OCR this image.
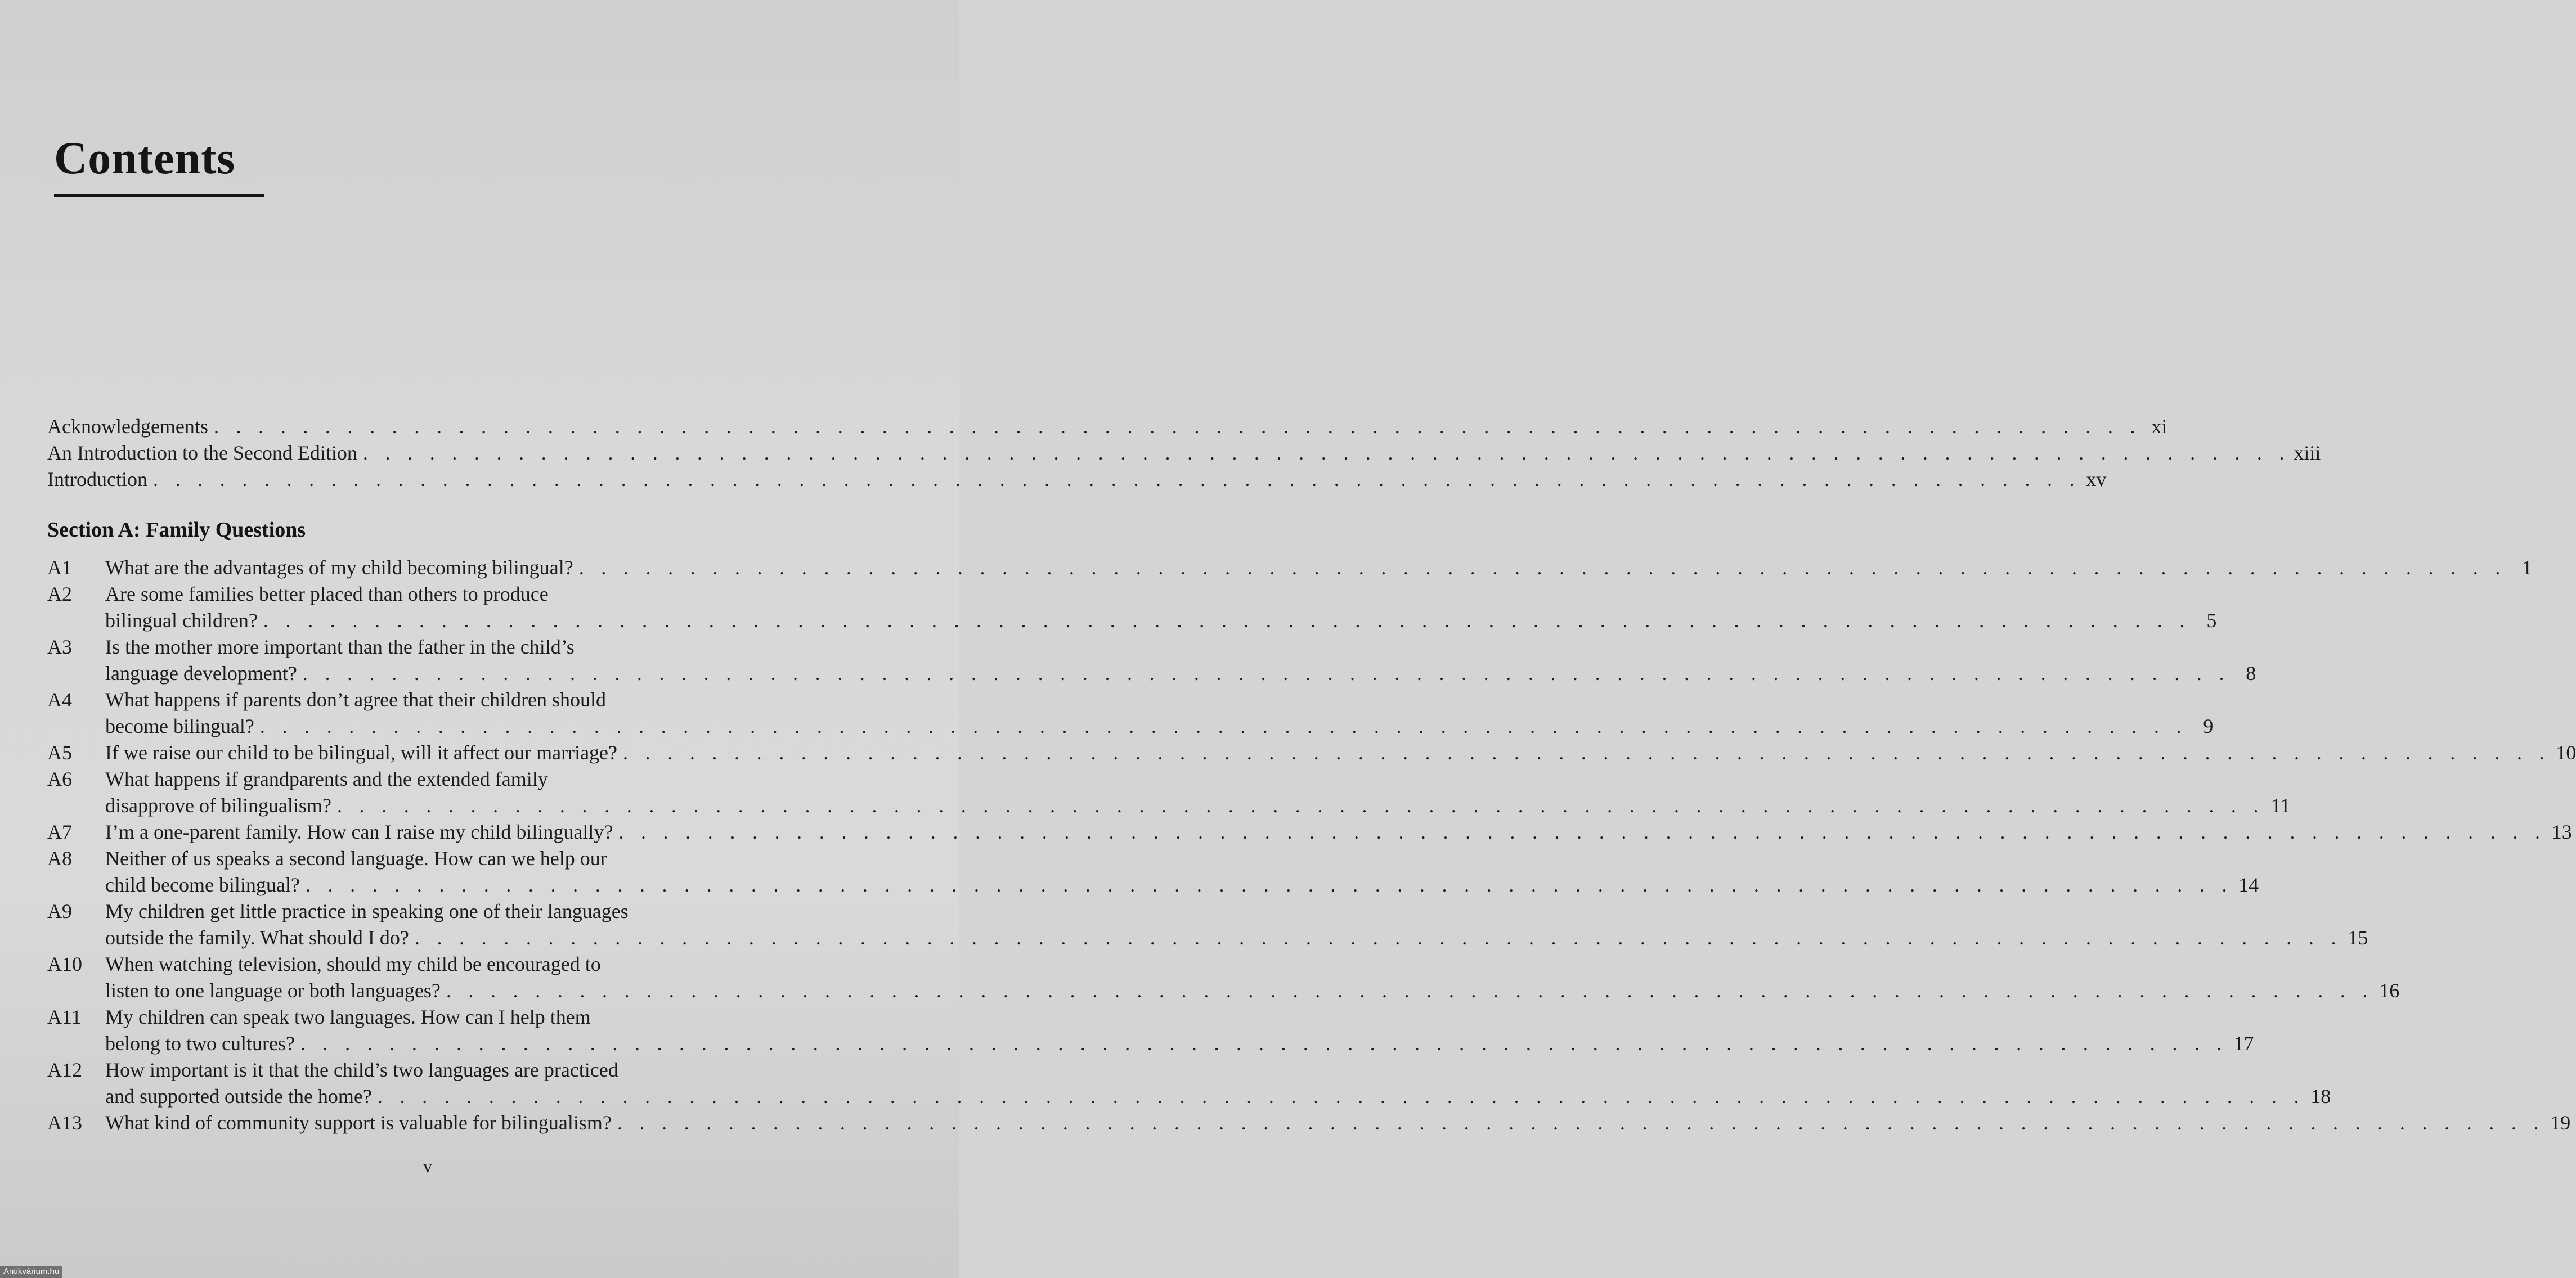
Contents
Acknowledgements . . . . . . . . . . . . . . . . . . . . . . . . . . . . . . . . . . . . . . . . . . . . . . . . . . . . . . . . . . . . . . . . . . . . . . . . . . . . . . . . . . . . . . . xi
An Introduction to the Second Edition . . . . . . . . . . . . . . . . . . . . . . . . . . . . . . . . . . . . . . . . . . . . . . . . . . . . . . . . . . . . . . . . . . . . . . . . . . . . . . . . . . . . . . . xiii
Introduction . . . . . . . . . . . . . . . . . . . . . . . . . . . . . . . . . . . . . . . . . . . . . . . . . . . . . . . . . . . . . . . . . . . . . . . . . . . . . . . . . . . . . . . xv
Section A: Family Questions
A1	What are the advantages of my child becoming bilingual? . . . . . . . . . . . . . . . . . . . . . . . . . . . . . . . . . . . . . . . . . . . . . . . . . . . . . . . . . . . . . . . . . . . . . . . . . . . . . . . . . . . . . . . 1
A2	Are some families better placed than others to produce
bilingual children? . . . . . . . . . . . . . . . . . . . . . . . . . . . . . . . . . . . . . . . . . . . . . . . . . . . . . . . . . . . . . . . . . . . . . . . . . . . . . . . . . . . . . . . 5
A3	Is the mother more important than the father in the child’s
language development? . . . . . . . . . . . . . . . . . . . . . . . . . . . . . . . . . . . . . . . . . . . . . . . . . . . . . . . . . . . . . . . . . . . . . . . . . . . . . . . . . . . . . . . 8
A4	What happens if parents don’t agree that their children should
become bilingual? . . . . . . . . . . . . . . . . . . . . . . . . . . . . . . . . . . . . . . . . . . . . . . . . . . . . . . . . . . . . . . . . . . . . . . . . . . . . . . . . . . . . . . . 9
A5	If we raise our child to be bilingual, will it affect our marriage? . . . . . . . . . . . . . . . . . . . . . . . . . . . . . . . . . . . . . . . . . . . . . . . . . . . . . . . . . . . . . . . . . . . . . . . . . . . . . . . . . . . . . . . 10
A6	What happens if grandparents and the extended family
disapprove of bilingualism? . . . . . . . . . . . . . . . . . . . . . . . . . . . . . . . . . . . . . . . . . . . . . . . . . . . . . . . . . . . . . . . . . . . . . . . . . . . . . . . . . . . . . . . 11
A7	I’m a one-parent family. How can I raise my child bilingually? . . . . . . . . . . . . . . . . . . . . . . . . . . . . . . . . . . . . . . . . . . . . . . . . . . . . . . . . . . . . . . . . . . . . . . . . . . . . . . . . . . . . . . . 13
A8	Neither of us speaks a second language. How can we help our
child become bilingual? . . . . . . . . . . . . . . . . . . . . . . . . . . . . . . . . . . . . . . . . . . . . . . . . . . . . . . . . . . . . . . . . . . . . . . . . . . . . . . . . . . . . . . . 14
A9	My children get little practice in speaking one of their languages
outside the family. What should I do? . . . . . . . . . . . . . . . . . . . . . . . . . . . . . . . . . . . . . . . . . . . . . . . . . . . . . . . . . . . . . . . . . . . . . . . . . . . . . . . . . . . . . . . 15
A10	When watching television, should my child be encouraged to
listen to one language or both languages? . . . . . . . . . . . . . . . . . . . . . . . . . . . . . . . . . . . . . . . . . . . . . . . . . . . . . . . . . . . . . . . . . . . . . . . . . . . . . . . . . . . . . . . 16
A11	My children can speak two languages. How can I help them
belong to two cultures? . . . . . . . . . . . . . . . . . . . . . . . . . . . . . . . . . . . . . . . . . . . . . . . . . . . . . . . . . . . . . . . . . . . . . . . . . . . . . . . . . . . . . . . 17
A12	How important is it that the child’s two languages are practiced
and supported outside the home? . . . . . . . . . . . . . . . . . . . . . . . . . . . . . . . . . . . . . . . . . . . . . . . . . . . . . . . . . . . . . . . . . . . . . . . . . . . . . . . . . . . . . . . 18
A13	What kind of community support is valuable for bilingualism? . . . . . . . . . . . . . . . . . . . . . . . . . . . . . . . . . . . . . . . . . . . . . . . . . . . . . . . . . . . . . . . . . . . . . . . . . . . . . . . . . . . . . . . 19
v
Antikvárium.hu
